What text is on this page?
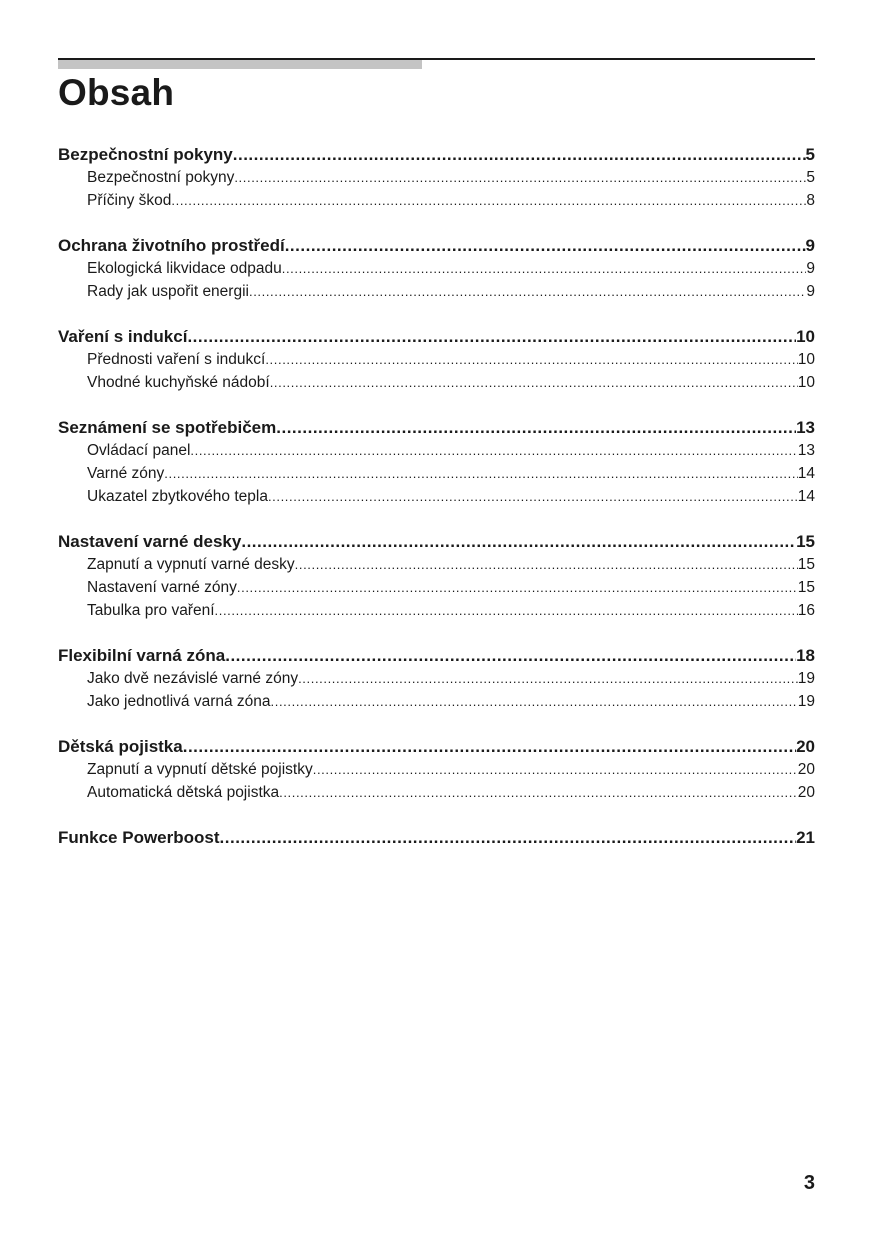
Obsah
Bezpečnostní pokyny .....	5
Bezpečnostní pokyny .....	5
Příčiny škod .....	8
Ochrana životního prostředí .....	9
Ekologická likvidace odpadu .....	9
Rady jak uspořit energii .....	9
Vaření s indukcí .....	10
Přednosti vaření s indukcí .....	10
Vhodné kuchyňské nádobí .....	10
Seznámení se spotřebičem .....	13
Ovládací panel .....	13
Varné zóny .....	14
Ukazatel zbytkového tepla .....	14
Nastavení varné desky .....	15
Zapnutí a vypnutí varné desky .....	15
Nastavení varné zóny .....	15
Tabulka pro vaření .....	16
Flexibilní varná zóna .....	18
Jako dvě nezávislé varné zóny .....	19
Jako jednotlivá varná zóna .....	19
Dětská pojistka .....	20
Zapnutí a vypnutí dětské pojistky .....	20
Automatická dětská pojistka .....	20
Funkce Powerboost .....	21
3
